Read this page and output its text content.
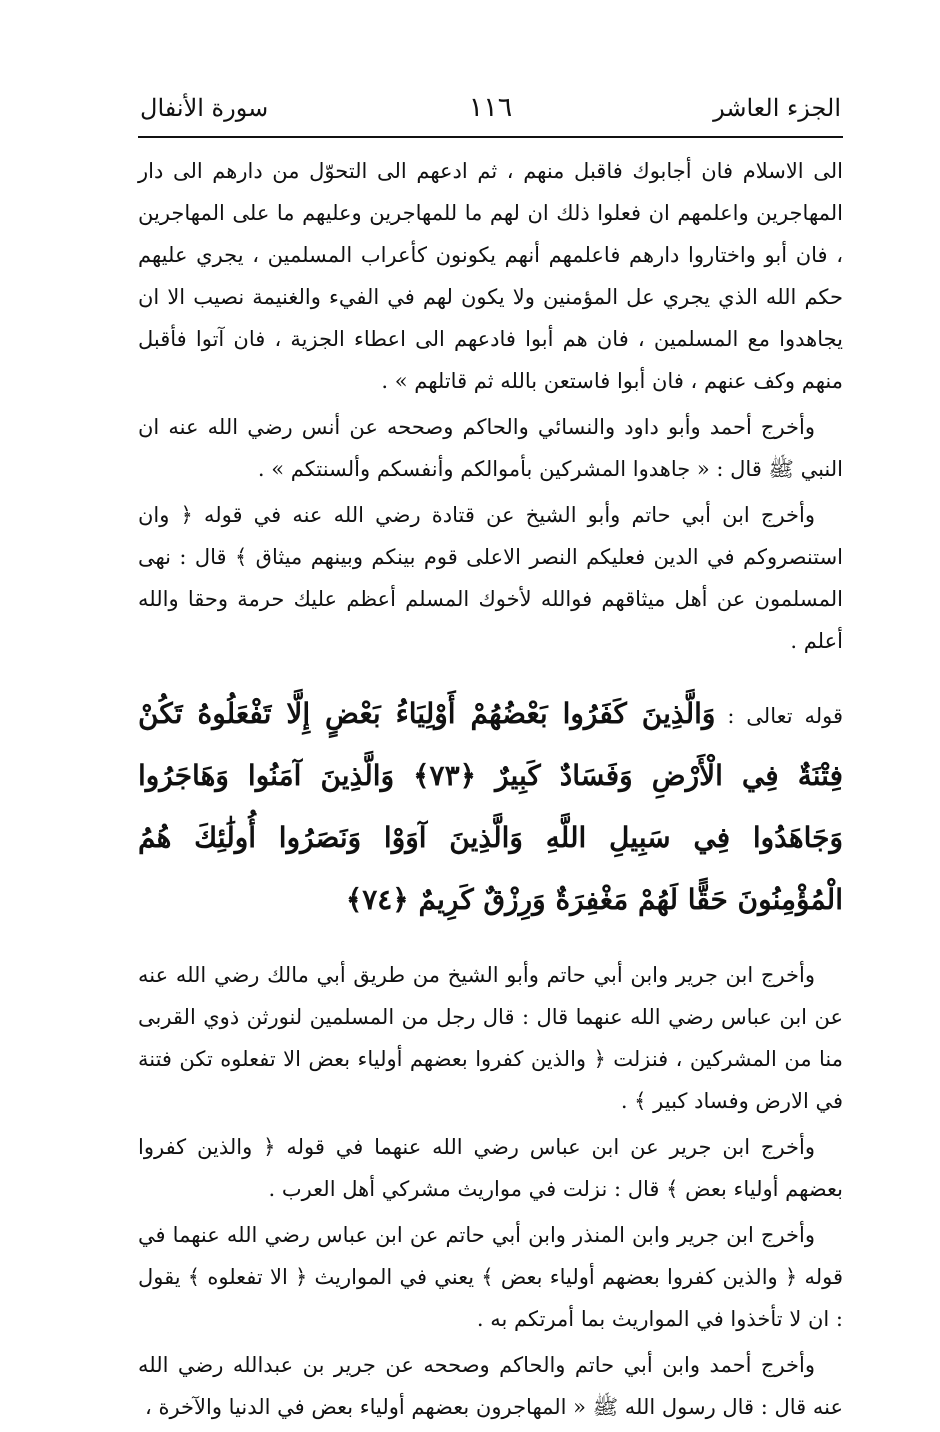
الجزء العاشر
١١٦
سورة الأنفال

الى الاسلام فان أجابوك فاقبل منهم ، ثم ادعهم الى التحوّل من دارهم الى دار المهاجرين واعلمهم ان فعلوا ذلك ان لهم ما للمهاجرين وعليهم ما على المهاجرين ، فان أبو واختاروا دارهم فاعلمهم أنهم يكونون كأعراب المسلمين ، يجري عليهم حكم الله الذي يجري عل المؤمنين ولا يكون لهم في الفيء والغنيمة نصيب الا ان يجاهدوا مع المسلمين ، فان هم أبوا فادعهم الى اعطاء الجزية ، فان آتوا فأقبل منهم وكف عنهم ، فان أبوا فاستعن بالله ثم قاتلهم » .

وأخرج أحمد وأبو داود والنسائي والحاكم وصححه عن أنس رضي الله عنه ان النبي ﷺ قال : « جاهدوا المشركين بأموالكم وأنفسكم وألسنتكم » .

وأخرج ابن أبي حاتم وأبو الشيخ عن قتادة رضي الله عنه في قوله ﴿ وان استنصروكم في الدين فعليكم النصر الاعلى قوم بينكم وبينهم ميثاق ﴾ قال : نهى المسلمون عن أهل ميثاقهم فوالله لأخوك المسلم أعظم عليك حرمة وحقا والله أعلم .

قوله تعالى : وَالَّذِينَ كَفَرُوا بَعْضُهُمْ أَوْلِيَاءُ بَعْضٍ إِلَّا تَفْعَلُوهُ تَكُنْ فِتْنَةٌ فِي الْأَرْضِ وَفَسَادٌ كَبِيرٌ ﴿٧٣﴾ وَالَّذِينَ آمَنُوا وَهَاجَرُوا وَجَاهَدُوا فِي سَبِيلِ اللَّهِ وَالَّذِينَ آوَوْا وَنَصَرُوا أُولَٰئِكَ هُمُ الْمُؤْمِنُونَ حَقًّا لَهُمْ مَغْفِرَةٌ وَرِزْقٌ كَرِيمٌ ﴿٧٤﴾

وأخرج ابن جرير وابن أبي حاتم وأبو الشيخ من طريق أبي مالك رضي الله عنه عن ابن عباس رضي الله عنهما قال : قال رجل من المسلمين لنورثن ذوي القربى منا من المشركين ، فنزلت ﴿ والذين كفروا بعضهم أولياء بعض الا تفعلوه تكن فتنة في الارض وفساد كبير ﴾ .

وأخرج ابن جرير عن ابن عباس رضي الله عنهما في قوله ﴿ والذين كفروا بعضهم أولياء بعض ﴾ قال : نزلت في مواريث مشركي أهل العرب .

وأخرج ابن جرير وابن المنذر وابن أبي حاتم عن ابن عباس رضي الله عنهما في قوله ﴿ والذين كفروا بعضهم أولياء بعض ﴾ يعني في المواريث ﴿ الا تفعلوه ﴾ يقول : ان لا تأخذوا في المواريث بما أمرتكم به .

وأخرج أحمد وابن أبي حاتم والحاكم وصححه عن جرير بن عبدالله رضي الله عنه قال : قال رسول الله ﷺ « المهاجرون بعضهم أولياء بعض في الدنيا والآخرة ،
